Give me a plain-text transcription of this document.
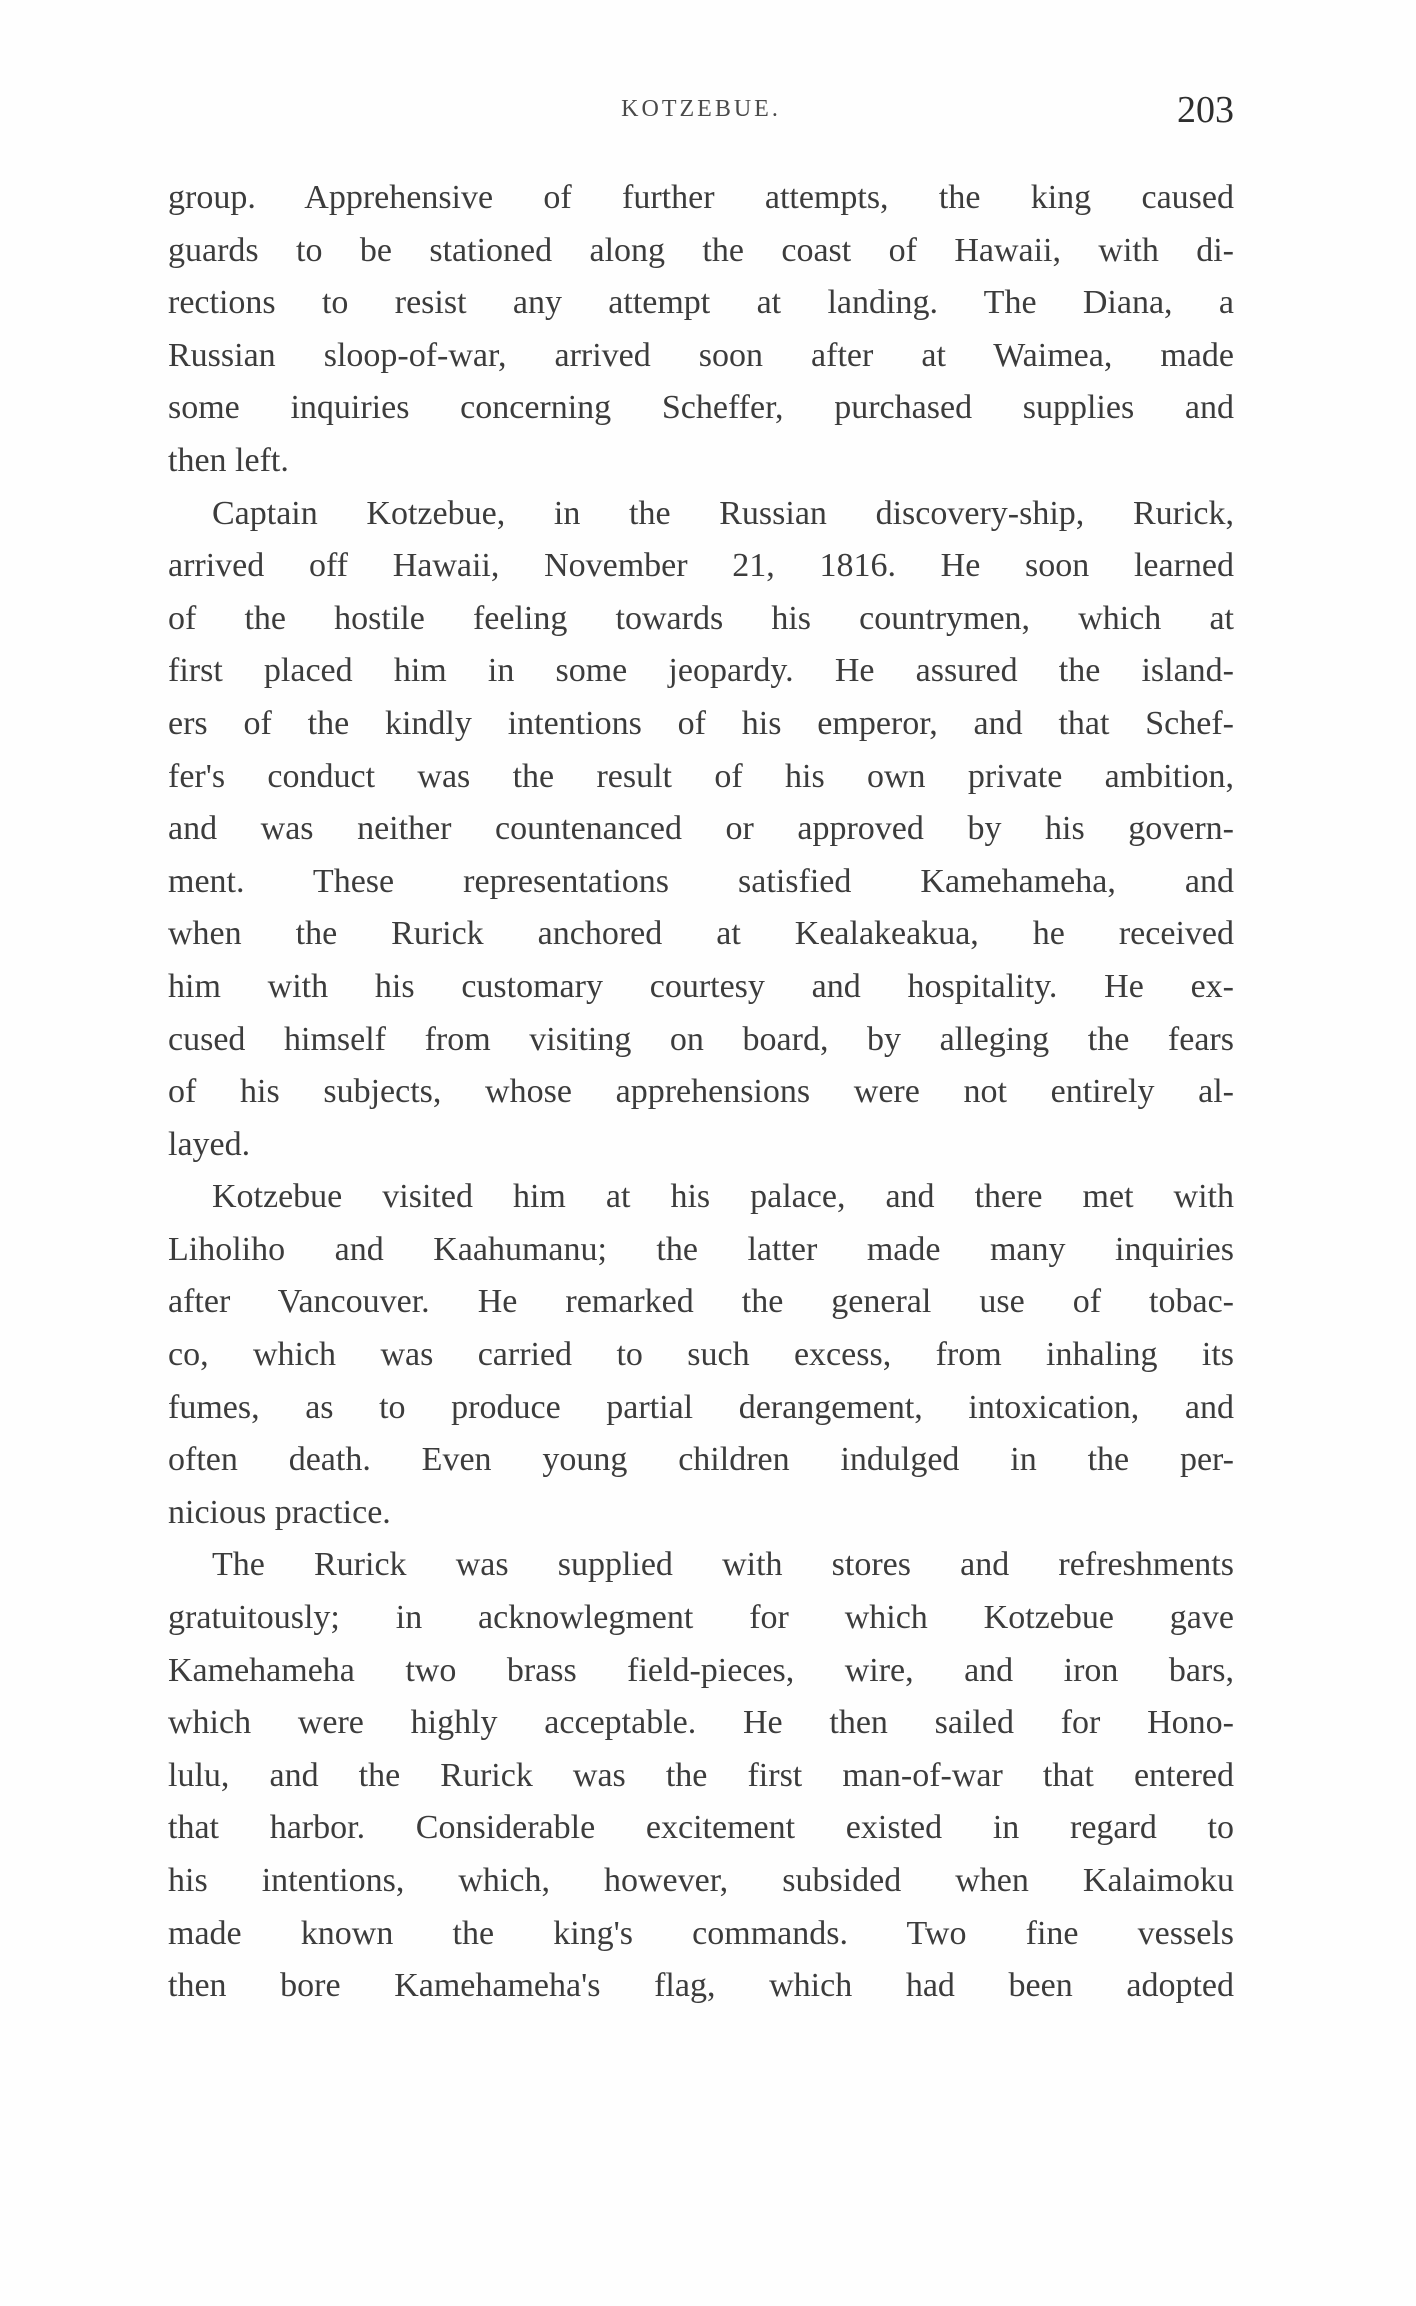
KOTZEBUE.	203
group. Apprehensive of further attempts, the king caused
guards to be stationed along the coast of Hawaii, with di-
rections to resist any attempt at landing. The Diana, a
Russian sloop-of-war, arrived soon after at Waimea, made
some inquiries concerning Scheffer, purchased supplies and
then left.
Captain Kotzebue, in the Russian discovery-ship, Rurick,
arrived off Hawaii, November 21, 1816. He soon learned
of the hostile feeling towards his countrymen, which at
first placed him in some jeopardy. He assured the island-
ers of the kindly intentions of his emperor, and that Schef-
fer's conduct was the result of his own private ambition,
and was neither countenanced or approved by his govern-
ment. These representations satisfied Kamehameha, and
when the Rurick anchored at Kealakeakua, he received
him with his customary courtesy and hospitality. He ex-
cused himself from visiting on board, by alleging the fears
of his subjects, whose apprehensions were not entirely al-
layed.
Kotzebue visited him at his palace, and there met with
Liholiho and Kaahumanu; the latter made many inquiries
after Vancouver. He remarked the general use of tobac-
co, which was carried to such excess, from inhaling its
fumes, as to produce partial derangement, intoxication, and
often death. Even young children indulged in the per-
nicious practice.
The Rurick was supplied with stores and refreshments
gratuitously; in acknowlegment for which Kotzebue gave
Kamehameha two brass field-pieces, wire, and iron bars,
which were highly acceptable. He then sailed for Hono-
lulu, and the Rurick was the first man-of-war that entered
that harbor. Considerable excitement existed in regard to
his intentions, which, however, subsided when Kalaimoku
made known the king's commands. Two fine vessels
then bore Kamehameha's flag, which had been adopted
